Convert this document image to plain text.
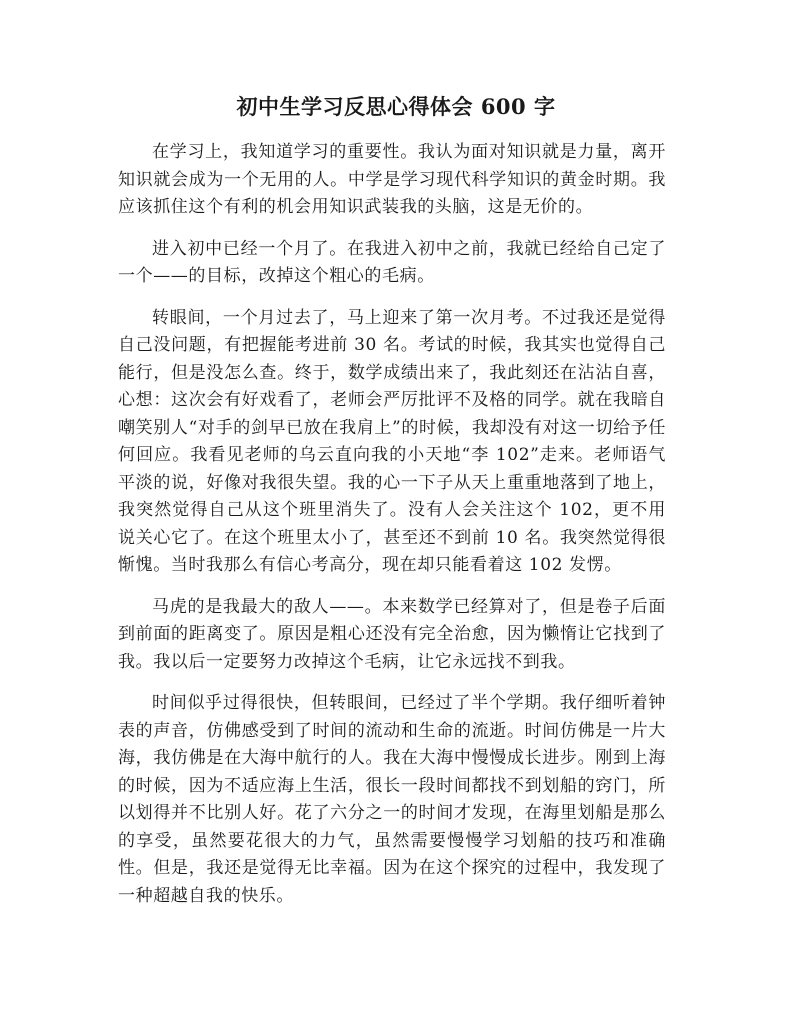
初中生学习反思心得体会 600 字

在学习上，我知道学习的重要性。我认为面对知识就是力量，离开知识就会成为一个无用的人。中学是学习现代科学知识的黄金时期。我应该抓住这个有利的机会用知识武装我的头脑，这是无价的。

进入初中已经一个月了。在我进入初中之前，我就已经给自己定了一个——的目标，改掉这个粗心的毛病。

转眼间，一个月过去了，马上迎来了第一次月考。不过我还是觉得自己没问题，有把握能考进前 30 名。考试的时候，我其实也觉得自己能行，但是没怎么查。终于，数学成绩出来了，我此刻还在沾沾自喜，心想：这次会有好戏看了，老师会严厉批评不及格的同学。就在我暗自嘲笑别人“对手的剑早已放在我肩上”的时候，我却没有对这一切给予任何回应。我看见老师的乌云直向我的小天地“李 102”走来。老师语气平淡的说，好像对我很失望。我的心一下子从天上重重地落到了地上，我突然觉得自己从这个班里消失了。没有人会关注这个 102，更不用说关心它了。在这个班里太小了，甚至还不到前 10 名。我突然觉得很惭愧。当时我那么有信心考高分，现在却只能看着这 102 发愣。

马虎的是我最大的敌人——。本来数学已经算对了，但是卷子后面到前面的距离变了。原因是粗心还没有完全治愈，因为懒惰让它找到了我。我以后一定要努力改掉这个毛病，让它永远找不到我。

时间似乎过得很快，但转眼间，已经过了半个学期。我仔细听着钟表的声音，仿佛感受到了时间的流动和生命的流逝。时间仿佛是一片大海，我仿佛是在大海中航行的人。我在大海中慢慢成长进步。刚到上海的时候，因为不适应海上生活，很长一段时间都找不到划船的窍门，所以划得并不比别人好。花了六分之一的时间才发现，在海里划船是那么的享受，虽然要花很大的力气，虽然需要慢慢学习划船的技巧和准确性。但是，我还是觉得无比幸福。因为在这个探究的过程中，我发现了一种超越自我的快乐。
